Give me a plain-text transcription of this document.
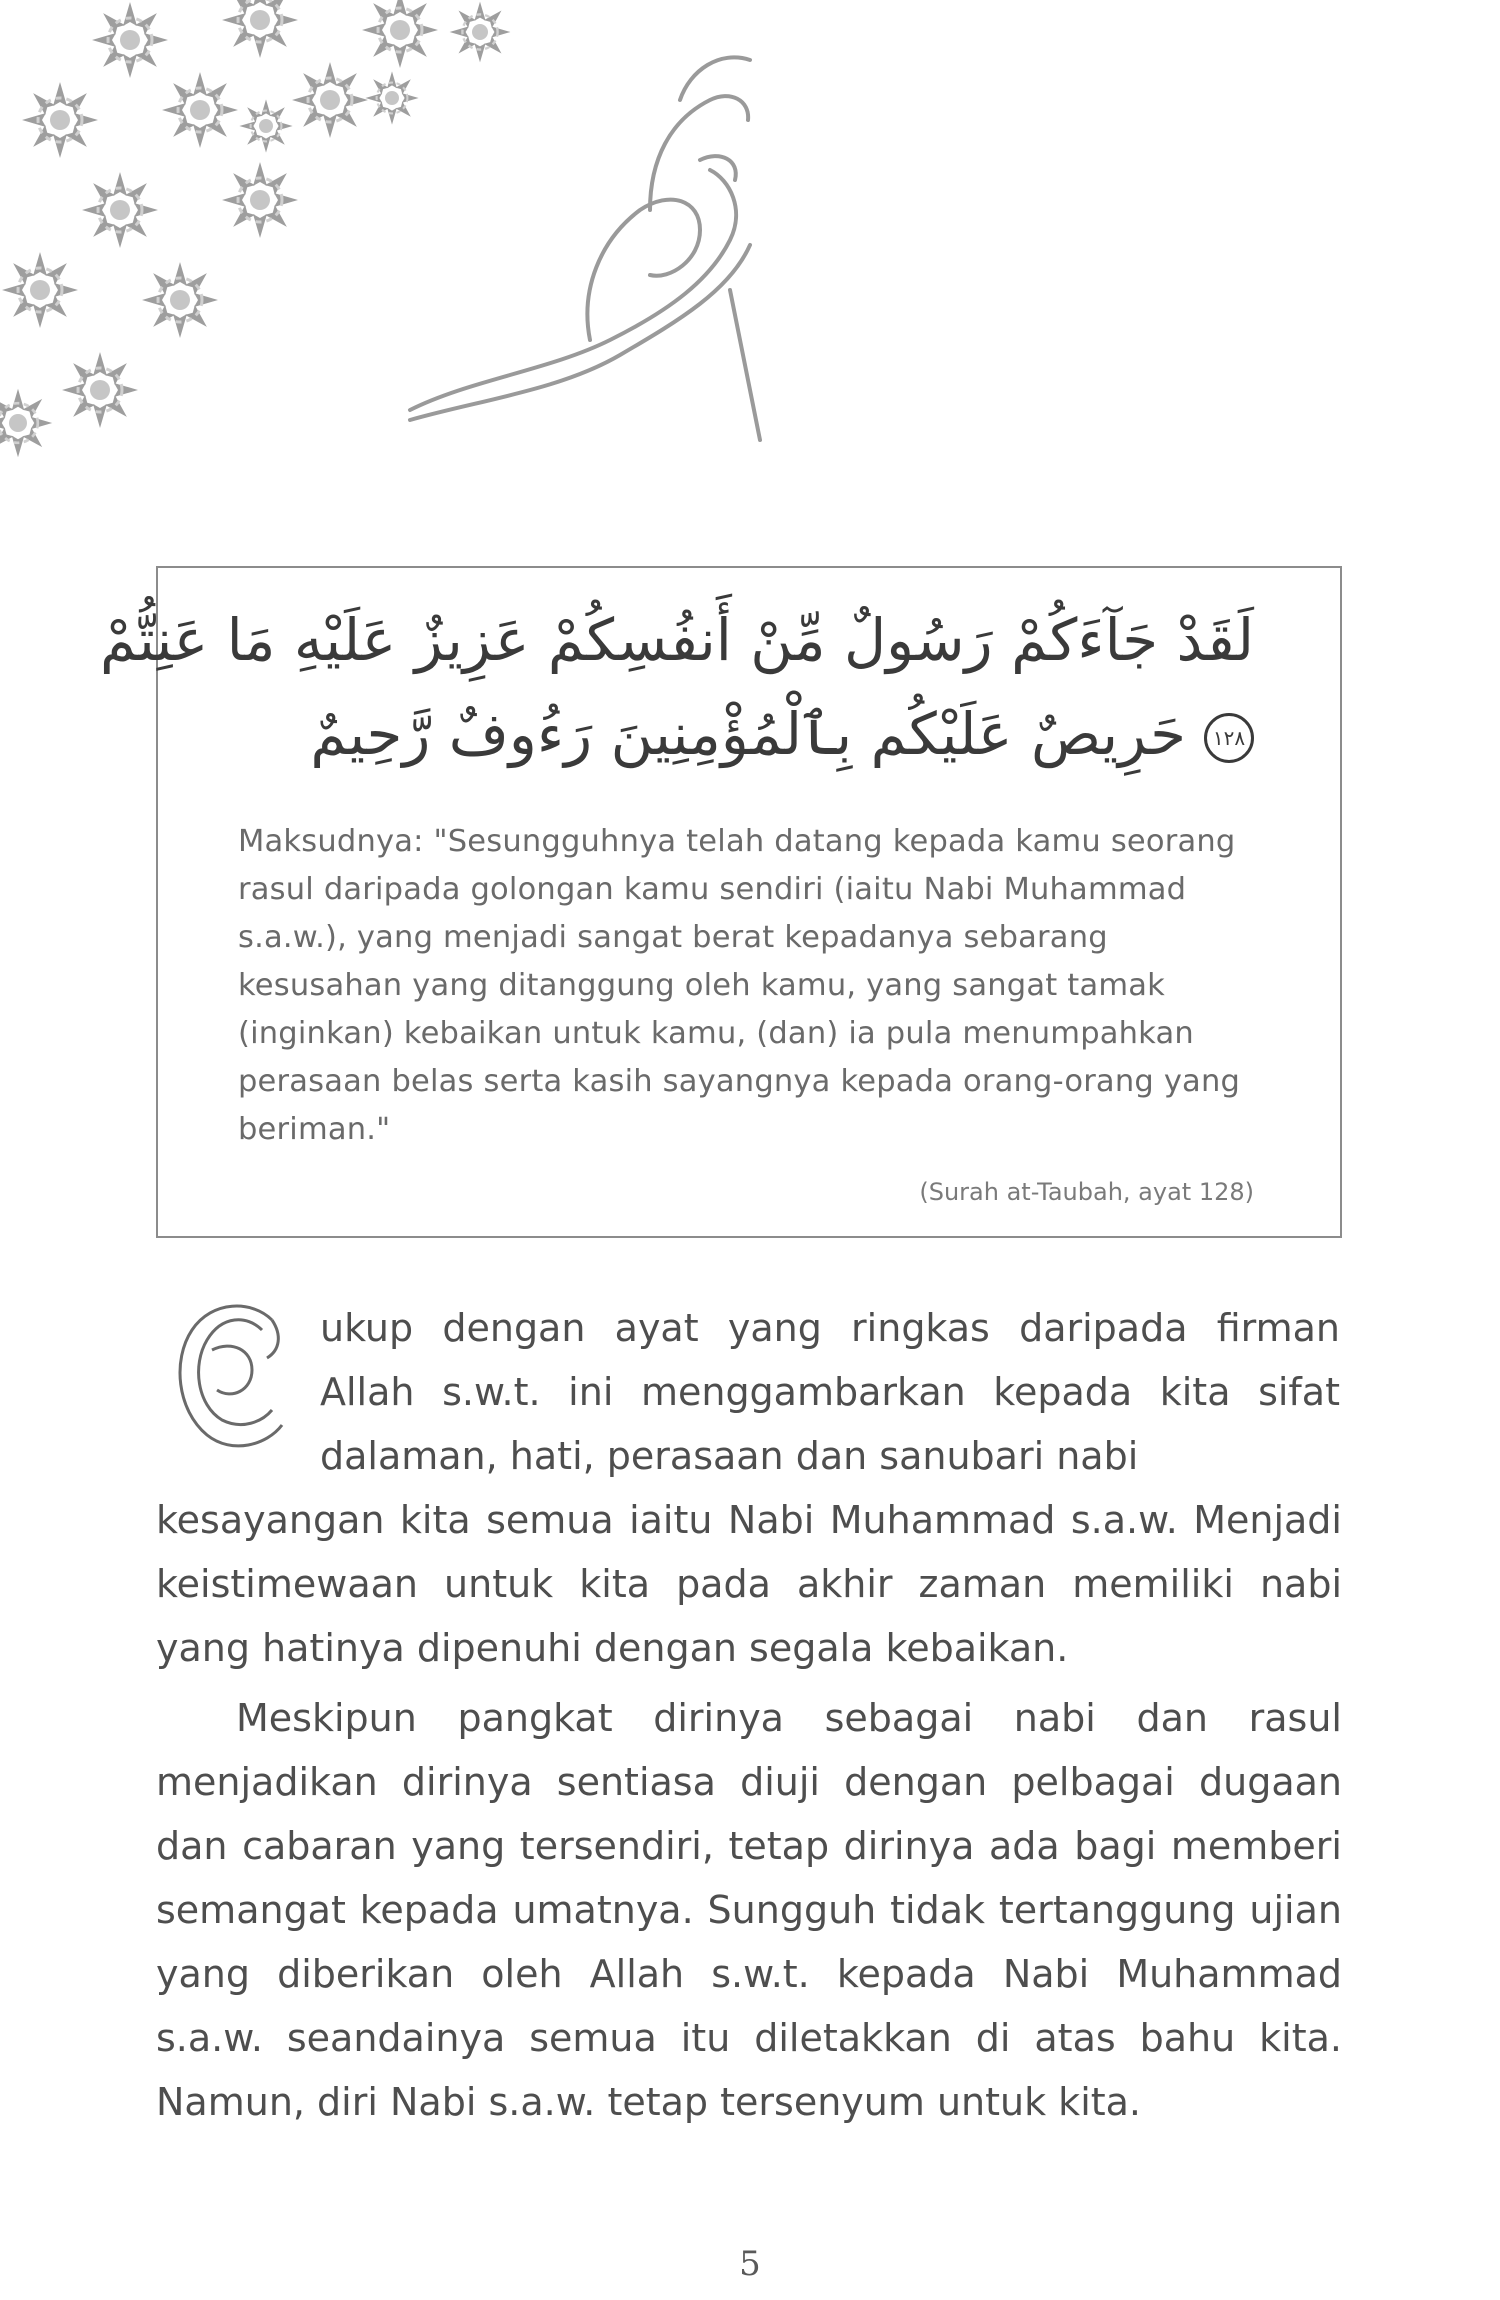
لَقَدْ جَآءَكُمْ رَسُولٌ مِّنْ أَنفُسِكُمْ عَزِيزٌ عَلَيْهِ مَا عَنِتُّمْ
١٢٨حَرِيصٌ عَلَيْكُم بِٱلْمُؤْمِنِينَ رَءُوفٌ رَّحِيمٌ
Maksudnya: "Sesungguhnya telah datang kepada kamu seorang rasul daripada golongan kamu sendiri (iaitu Nabi Muhammad s.a.w.), yang menjadi sangat berat kepadanya sebarang kesusahan yang ditanggung oleh kamu, yang sangat tamak (inginkan) kebaikan untuk kamu, (dan) ia pula menumpahkan perasaan belas serta kasih sayangnya kepada orang-orang yang beriman."
(Surah at-Taubah, ayat 128)
ukup dengan ayat yang ringkas daripada firman Allah s.w.t. ini menggambarkan kepada kita sifat dalaman, hati, perasaan dan sanubari nabi
kesayangan kita semua iaitu Nabi Muhammad s.a.w. Menjadi keistimewaan untuk kita pada akhir zaman memiliki nabi yang hatinya dipenuhi dengan segala kebaikan.
Meskipun pangkat dirinya sebagai nabi dan rasul menjadikan dirinya sentiasa diuji dengan pelbagai dugaan dan cabaran yang tersendiri, tetap dirinya ada bagi memberi semangat kepada umatnya. Sungguh tidak tertanggung ujian yang diberikan oleh Allah s.w.t. kepada Nabi Muhammad s.a.w. seandainya semua itu diletakkan di atas bahu kita. Namun, diri Nabi s.a.w. tetap tersenyum untuk kita.
5
